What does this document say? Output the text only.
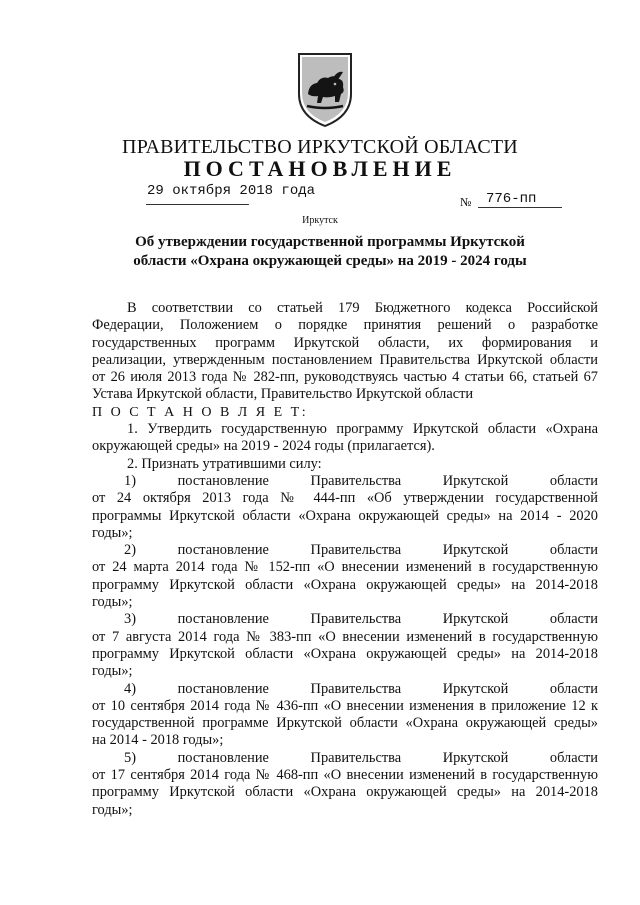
ПРАВИТЕЛЬСТВО ИРКУТСКОЙ ОБЛАСТИ
ПОСТАНОВЛЕНИЕ
29 октября 2018 года
№ 776-пп
Иркутск
Об утверждении государственной программы Иркутской
области «Охрана окружающей среды» на 2019 - 2024 годы

В соответствии со статьей 179 Бюджетного кодекса Российской

Федерации, Положением о порядке принятия решений о разработке

государственных программ Иркутской области, их формирования и

реализации, утвержденным постановлением Правительства Иркутской области

от 26 июля 2013 года № 282-пп, руководствуясь частью 4 статьи 66, статьей 67

Устава Иркутской области, Правительство Иркутской области

П О С Т А Н О В Л Я Е Т:

1. Утвердить государственную программу Иркутской области «Охрана

окружающей среды» на 2019 - 2024 годы (прилагается).

2. Признать утратившими силу:

1)	постановление	Правительства	Иркутской	области

от 24 октября 2013 года № 444-пп «Об утверждении государственной

программы Иркутской области «Охрана окружающей среды» на 2014 - 2020

годы»;

2)	постановление	Правительства	Иркутской	области

от 24 марта 2014 года № 152-пп «О внесении изменений в государственную

программу Иркутской области «Охрана окружающей среды» на 2014-2018

годы»;

3)	постановление	Правительства	Иркутской	области

от 7 августа 2014 года № 383-пп «О внесении изменений в государственную

программу Иркутской области «Охрана окружающей среды» на 2014-2018

годы»;

4)	постановление	Правительства	Иркутской	области

от 10 сентября 2014 года № 436-пп «О внесении изменения в приложение 12 к

государственной программе Иркутской области «Охрана окружающей среды»

на 2014 - 2018 годы»;

5)	постановление	Правительства	Иркутской	области

от 17 сентября 2014 года № 468-пп «О внесении изменений в государственную

программу Иркутской области «Охрана окружающей среды» на 2014-2018

годы»;
